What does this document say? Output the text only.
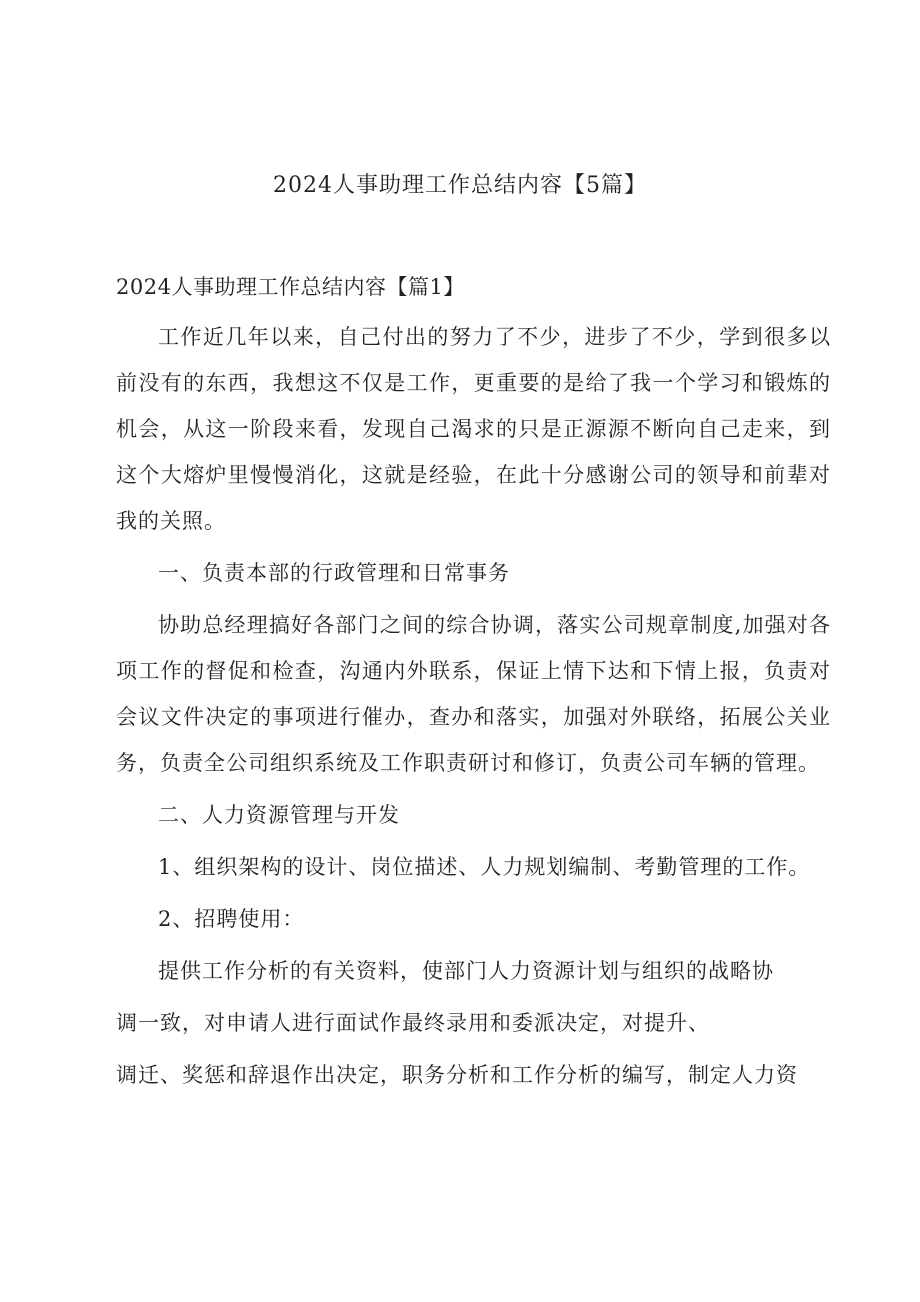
2024人事助理工作总结内容【5篇】

2024人事助理工作总结内容【篇1】

工作近几年以来，自己付出的努力了不少，进步了不少，学到很多以前没有的东西，我想这不仅是工作，更重要的是给了我一个学习和锻炼的机会，从这一阶段来看，发现自己渴求的只是正源源不断向自己走来，到这个大熔炉里慢慢消化，这就是经验，在此十分感谢公司的领导和前辈对我的关照。

一、负责本部的行政管理和日常事务

协助总经理搞好各部门之间的综合协调，落实公司规章制度,加强对各项工作的督促和检查，沟通内外联系，保证上情下达和下情上报，负责对会议文件决定的事项进行催办，查办和落实，加强对外联络，拓展公关业务，负责全公司组织系统及工作职责研讨和修订，负责公司车辆的管理。

二、人力资源管理与开发

1、组织架构的设计、岗位描述、人力规划编制、考勤管理的工作。

2、招聘使用：

提供工作分析的有关资料，使部门人力资源计划与组织的战略协

调一致，对申请人进行面试作最终录用和委派决定，对提升、

调迁、奖惩和辞退作出决定，职务分析和工作分析的编写，制定人力资
